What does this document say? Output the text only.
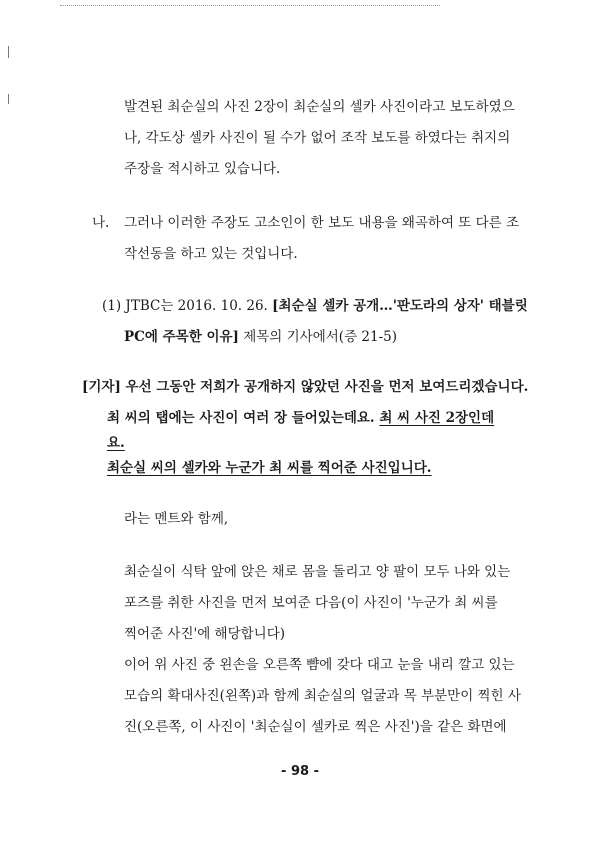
발견된 최순실의 사진 2장이 최순실의 셀카 사진이라고 보도하였으
나, 각도상 셀카 사진이 될 수가 없어 조작 보도를 하였다는 취지의
주장을 적시하고 있습니다.
나. 그러나 이러한 주장도 고소인이 한 보도 내용을 왜곡하여 또 다른 조
작선동을 하고 있는 것입니다.
(1) JTBC는 2016. 10. 26. [최순실 셀카 공개…'판도라의 상자' 태블릿
PC에 주목한 이유] 제목의 기사에서(증 21-5)
[기자] 우선 그동안 저희가 공개하지 않았던 사진을 먼저 보여드리겠습니다.
최 씨의 탭에는 사진이 여러 장 들어있는데요. 최 씨 사진 2장인데
요.
최순실 씨의 셀카와 누군가 최 씨를 찍어준 사진입니다.
라는 멘트와 함께,
최순실이 식탁 앞에 앉은 채로 몸을 돌리고 양 팔이 모두 나와 있는
포즈를 취한 사진을 먼저 보여준 다음(이 사진이 '누군가 최 씨를
찍어준 사진'에 해당합니다)
이어 위 사진 중 왼손을 오른쪽 뺨에 갖다 대고 눈을 내리 깔고 있는
모습의 확대사진(왼쪽)과 함께 최순실의 얼굴과 목 부분만이 찍힌 사
진(오른쪽, 이 사진이 '최순실이 셀카로 찍은 사진')을 같은 화면에
- 98 -
